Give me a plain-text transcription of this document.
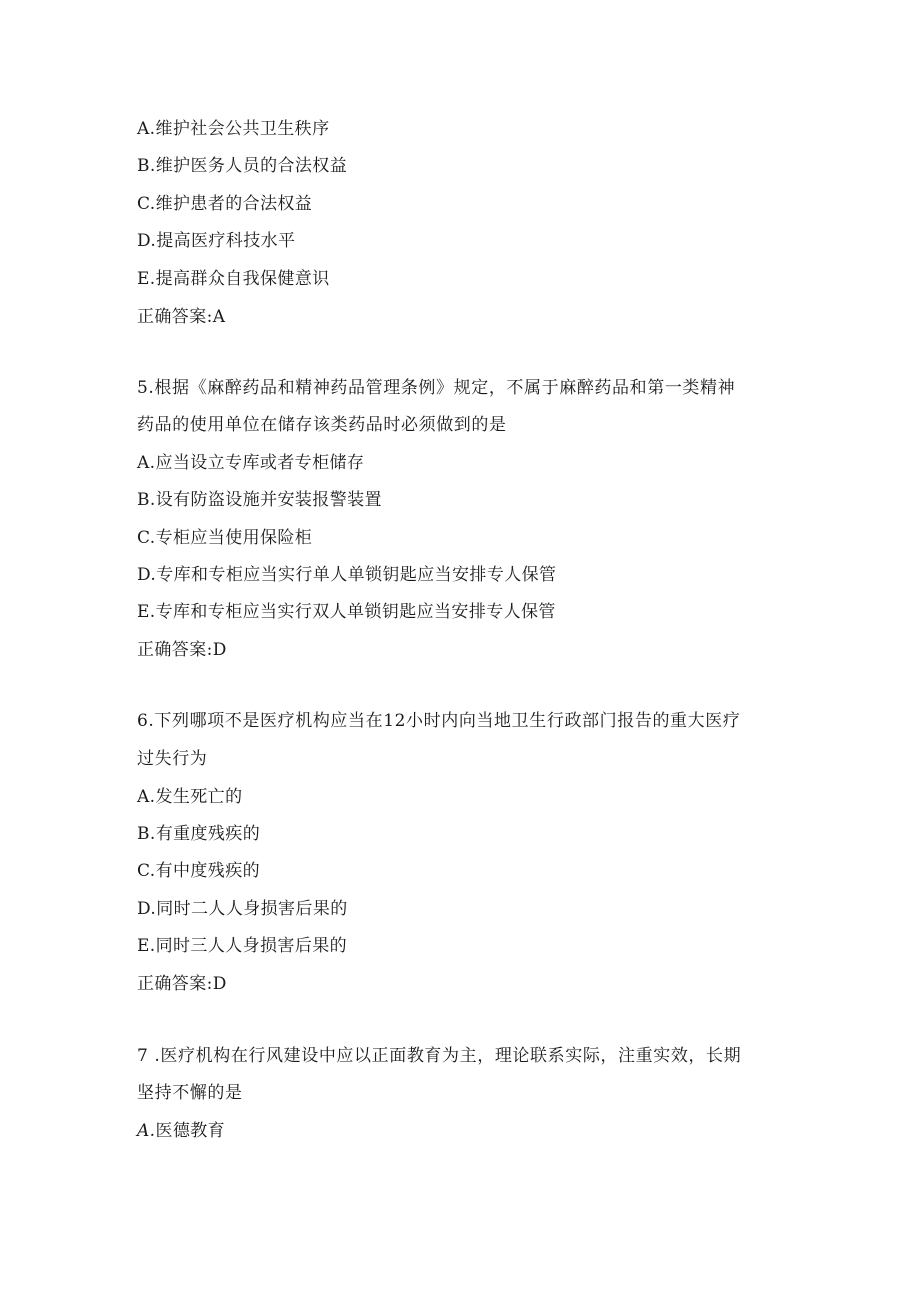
A.维护社会公共卫生秩序
B.维护医务人员的合法权益
C.维护患者的合法权益
D.提高医疗科技水平
E.提高群众自我保健意识
正确答案:A
5.根据《麻醉药品和精神药品管理条例》规定，不属于麻醉药品和第一类精神
药品的使用单位在储存该类药品时必须做到的是
A.应当设立专库或者专柜储存
B.设有防盗设施并安装报警装置
C.专柜应当使用保险柜
D.专库和专柜应当实行单人单锁钥匙应当安排专人保管
E.专库和专柜应当实行双人单锁钥匙应当安排专人保管
正确答案:D
6.下列哪项不是医疗机构应当在12小时内向当地卫生行政部门报告的重大医疗
过失行为
A.发生死亡的
B.有重度残疾的
C.有中度残疾的
D.同时二人人身损害后果的
E.同时三人人身损害后果的
正确答案:D
7 .医疗机构在行风建设中应以正面教育为主，理论联系实际，注重实效，长期
坚持不懈的是
A.医德教育
